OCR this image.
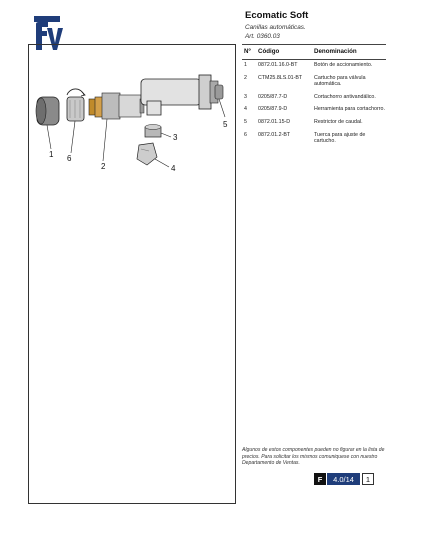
Ecomatic Soft
Canillas automáticas.
Art. 0360.03
1 6
2
3
4
5
Nº	Código	Denominación
1	0872.01.16.0-BT	Botón de accionamiento.
2	CTM25.8LS.01-BT	Cartucho para válvula automática.
3	0205/87.7-D	Cortachorro antivandálico.
4	0205/87.9-D	Herramienta para cortachorro.
5	0872.01.15-D	Restrictor de caudal.
6	0872.01.2-BT	Tuerca para ajuste de cartucho.
Algunos de estos componentes pueden no figurar en la lista de precios. Para solicitar los mismos comuniquese con nuestro Departamento de Ventas.
F	4.0/14	1
